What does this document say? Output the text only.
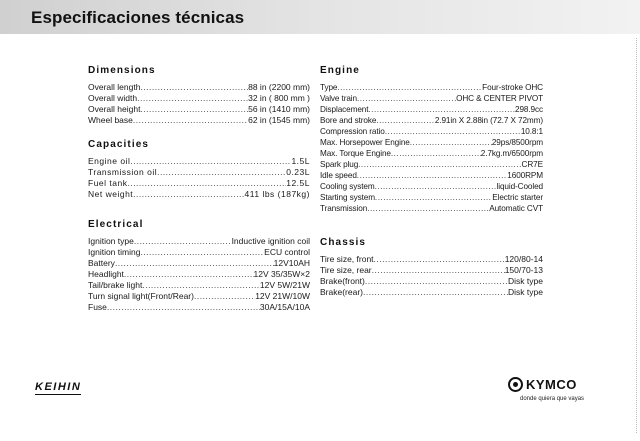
Especificaciones técnicas
Dimensions
Overall length .....	88 in (2200 mm)
Overall width .....	32 in ( 800 mm )
Overall height .....	56 in (1410 mm)
Wheel base .....	62 in (1545 mm)
Capacities
Engine oil .....	1.5L
Transmission oil .....	0.23L
Fuel tank .....	12.5L
Net weight .....	411 lbs (187kg)
Electrical
Ignition type .....	Inductive ignition coil
Ignition timing .....	ECU control
Battery .....	12V10AH
Headlight .....	12V 35/35W×2
Tail/brake light .....	12V 5W/21W
Turn signal light(Front/Rear) .....	12V 21W/10W
Fuse .....	30A/15A/10A
Engine
Type .....	Four-stroke OHC
Valve train .....	OHC & CENTER PIVOT
Displacement .....	298.9cc
Bore and stroke .....	2.91in X 2.88in (72.7 X 72mm)
Compression ratio .....	10.8:1
Max. Horsepower Engine .....	29ps/8500rpm
Max. Torque Engine .....	2.7kg.m/6500rpm
Spark plug .....	CR7E
Idle speed .....	1600RPM
Cooling system .....	liquid-Cooled
Starting system .....	Electric starter
Transmission .....	Automatic CVT
Chassis
Tire size, front .....	120/80-14
Tire size, rear .....	150/70-13
Brake(front) .....	Disk type
Brake(rear) .....	Disk type
KEIHIN	KYMCO
donde quiera que vayas
